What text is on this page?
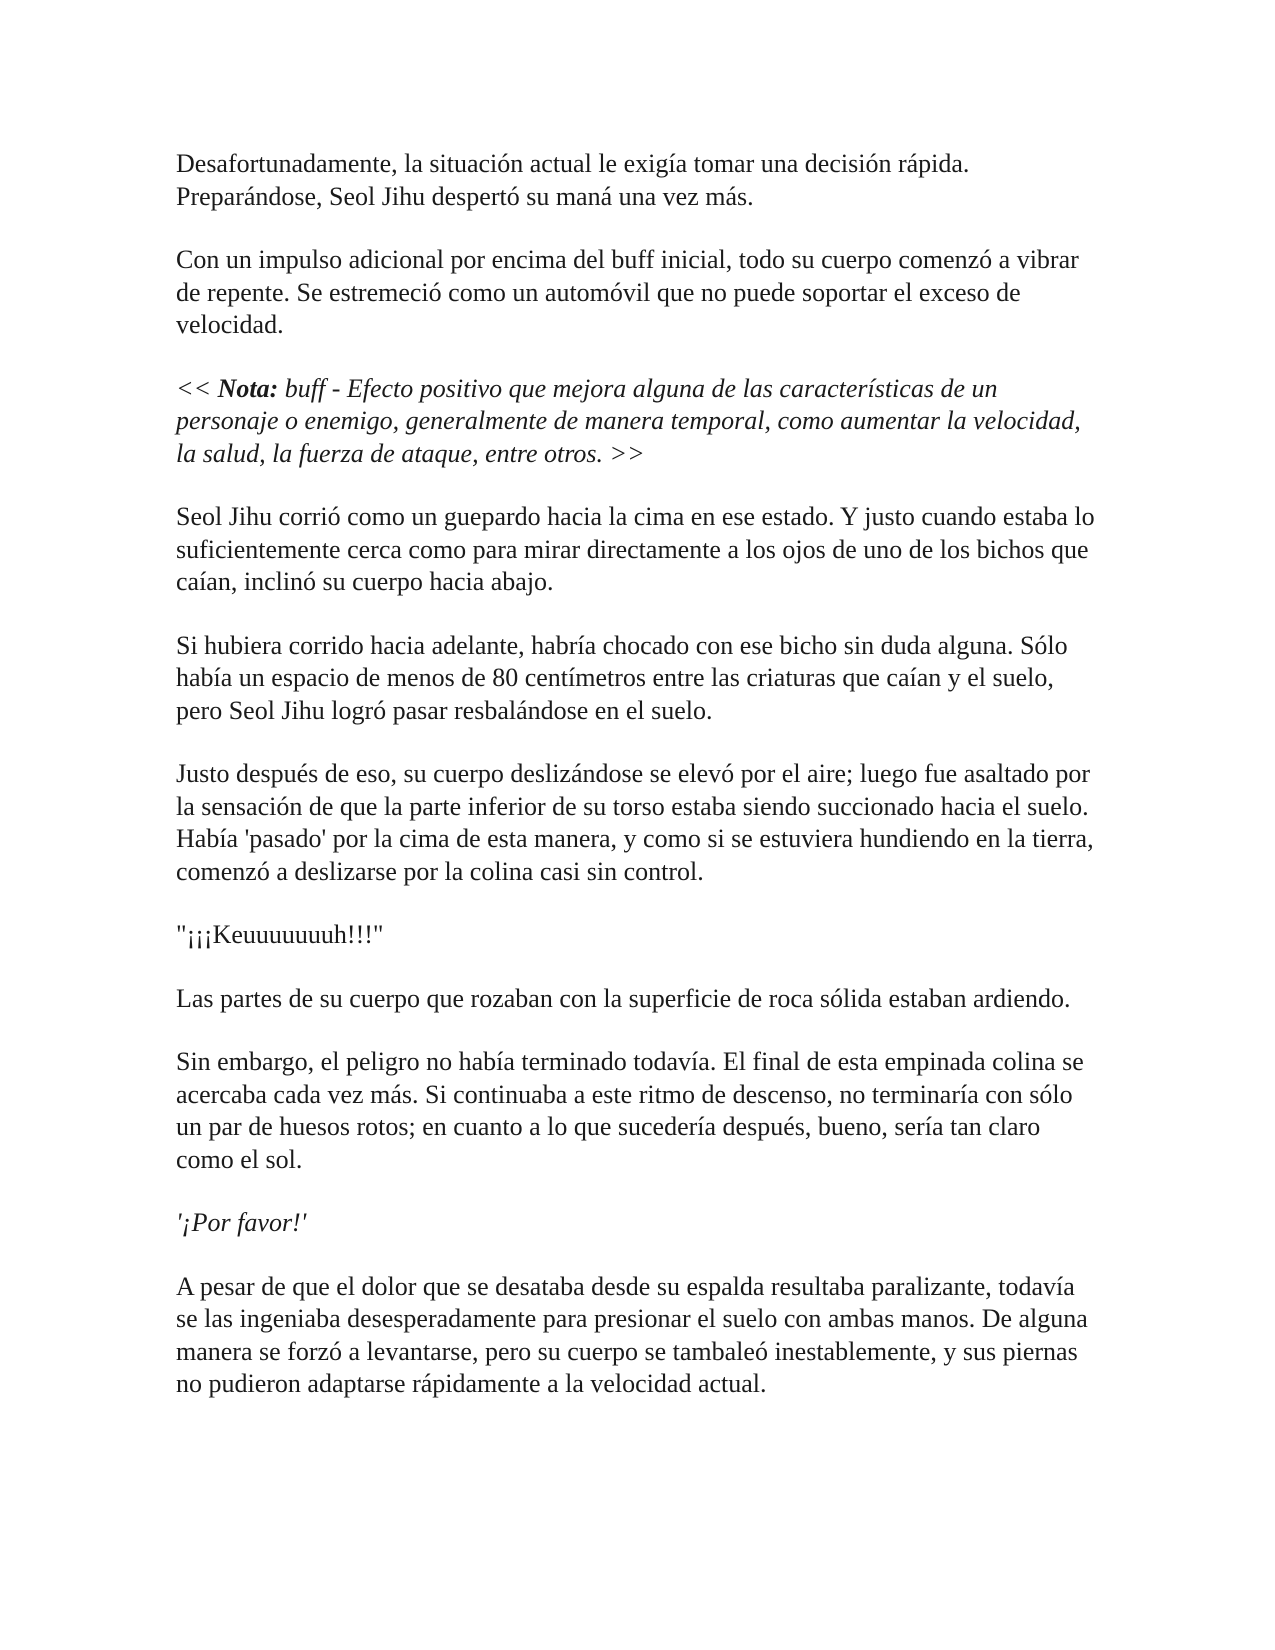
Desafortunadamente, la situación actual le exigía tomar una decisión rápida. Preparándose, Seol Jihu despertó su maná una vez más.

Con un impulso adicional por encima del buff inicial, todo su cuerpo comenzó a vibrar de repente. Se estremeció como un automóvil que no puede soportar el exceso de velocidad.

<< Nota: buff - Efecto positivo que mejora alguna de las características de un personaje o enemigo, generalmente de manera temporal, como aumentar la velocidad, la salud, la fuerza de ataque, entre otros. >>

Seol Jihu corrió como un guepardo hacia la cima en ese estado. Y justo cuando estaba lo suficientemente cerca como para mirar directamente a los ojos de uno de los bichos que caían, inclinó su cuerpo hacia abajo.

Si hubiera corrido hacia adelante, habría chocado con ese bicho sin duda alguna. Sólo había un espacio de menos de 80 centímetros entre las criaturas que caían y el suelo, pero Seol Jihu logró pasar resbalándose en el suelo.

Justo después de eso, su cuerpo deslizándose se elevó por el aire; luego fue asaltado por la sensación de que la parte inferior de su torso estaba siendo succionado hacia el suelo. Había 'pasado' por la cima de esta manera, y como si se estuviera hundiendo en la tierra, comenzó a deslizarse por la colina casi sin control.

"¡¡¡Keuuuuuuuh!!!"

Las partes de su cuerpo que rozaban con la superficie de roca sólida estaban ardiendo.

Sin embargo, el peligro no había terminado todavía. El final de esta empinada colina se acercaba cada vez más. Si continuaba a este ritmo de descenso, no terminaría con sólo un par de huesos rotos; en cuanto a lo que sucedería después, bueno, sería tan claro como el sol.

'¡Por favor!'

A pesar de que el dolor que se desataba desde su espalda resultaba paralizante, todavía se las ingeniaba desesperadamente para presionar el suelo con ambas manos. De alguna manera se forzó a levantarse, pero su cuerpo se tambaleó inestablemente, y sus piernas no pudieron adaptarse rápidamente a la velocidad actual.
